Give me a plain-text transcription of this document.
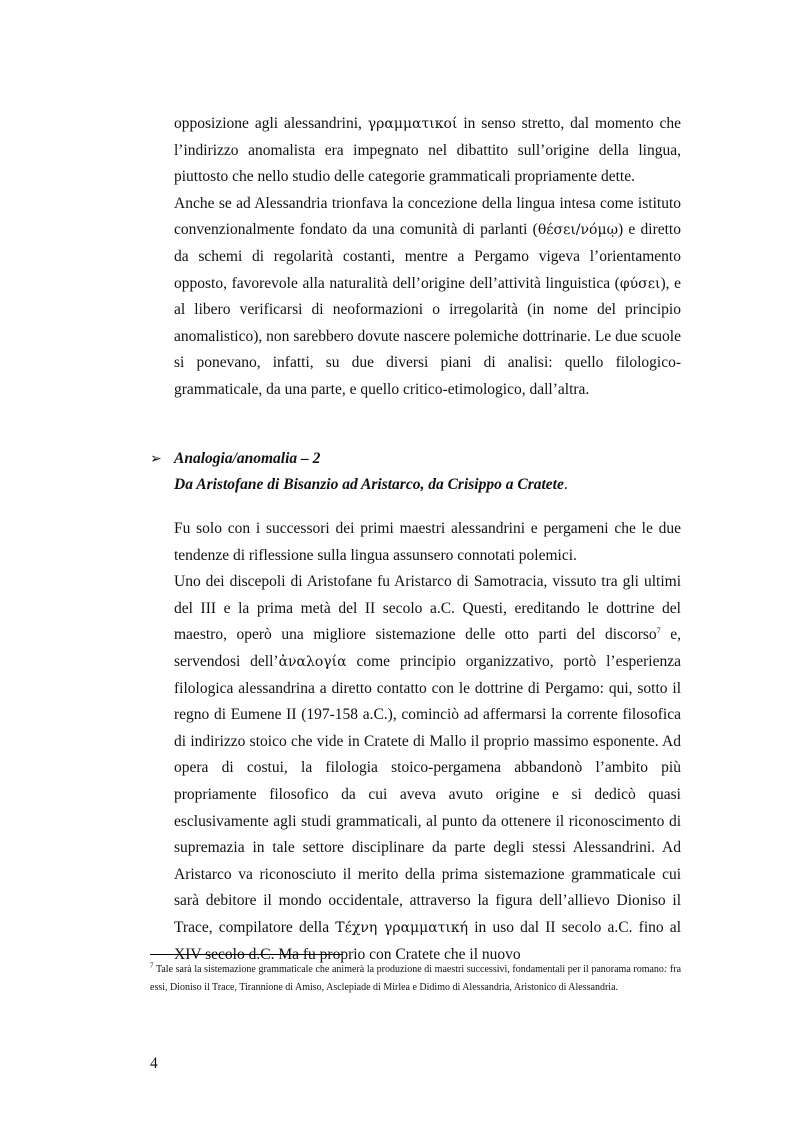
opposizione agli alessandrini, γραμματικοί in senso stretto, dal momento che l’indirizzo anomalista era impegnato nel dibattito sull’origine della lingua, piuttosto che nello studio delle categorie grammaticali propriamente dette.

Anche se ad Alessandria trionfava la concezione della lingua intesa come istituto convenzionalmente fondato da una comunità di parlanti (θέσει/νόμῳ) e diretto da schemi di regolarità costanti, mentre a Pergamo vigeva l’orientamento opposto, favorevole alla naturalità dell’origine dell’attività linguistica (φύσει), e al libero verificarsi di neoformazioni o irregolarità (in nome del principio anomalistico), non sarebbero dovute nascere polemiche dottrinarie. Le due scuole si ponevano, infatti, su due diversi piani di analisi: quello filologico-grammaticale, da una parte, e quello critico-etimologico, dall’altra.

➢ Analogia/anomalia – 2
Da Aristofane di Bisanzio ad Aristarco, da Crisippo a Cratete.

Fu solo con i successori dei primi maestri alessandrini e pergameni che le due tendenze di riflessione sulla lingua assunsero connotati polemici.

Uno dei discepoli di Aristofane fu Aristarco di Samotracia, vissuto tra gli ultimi del III e la prima metà del II secolo a.C. Questi, ereditando le dottrine del maestro, operò una migliore sistemazione delle otto parti del discorso$^7$ e, servendosi dell’ἀναλογία come principio organizzativo, portò l’esperienza filologica alessandrina a diretto contatto con le dottrine di Pergamo: qui, sotto il regno di Eumene II (197-158 a.C.), cominciò ad affermarsi la corrente filosofica di indirizzo stoico che vide in Cratete di Mallo il proprio massimo esponente. Ad opera di costui, la filologia stoico-pergamena abbandonò l’ambito più propriamente filosofico da cui aveva avuto origine e si dedicò quasi esclusivamente agli studi grammaticali, al punto da ottenere il riconoscimento di supremazia in tale settore disciplinare da parte degli stessi Alessandrini. Ad Aristarco va riconosciuto il merito della prima sistemazione grammaticale cui sarà debitore il mondo occidentale, attraverso la figura dell’allievo Dioniso il Trace, compilatore della Τέχνη γραμματική in uso dal II secolo a.C. fino al XIV secolo d.C. Ma fu proprio con Cratete che il nuovo

$^7$ Tale sarà la sistemazione grammaticale che animerà la produzione di maestri successivi, fondamentali per il panorama romano: fra essi, Dioniso il Trace, Tirannione di Amiso, Asclepiade di Mirlea e Didimo di Alessandria, Aristonico di Alessandria.
4
